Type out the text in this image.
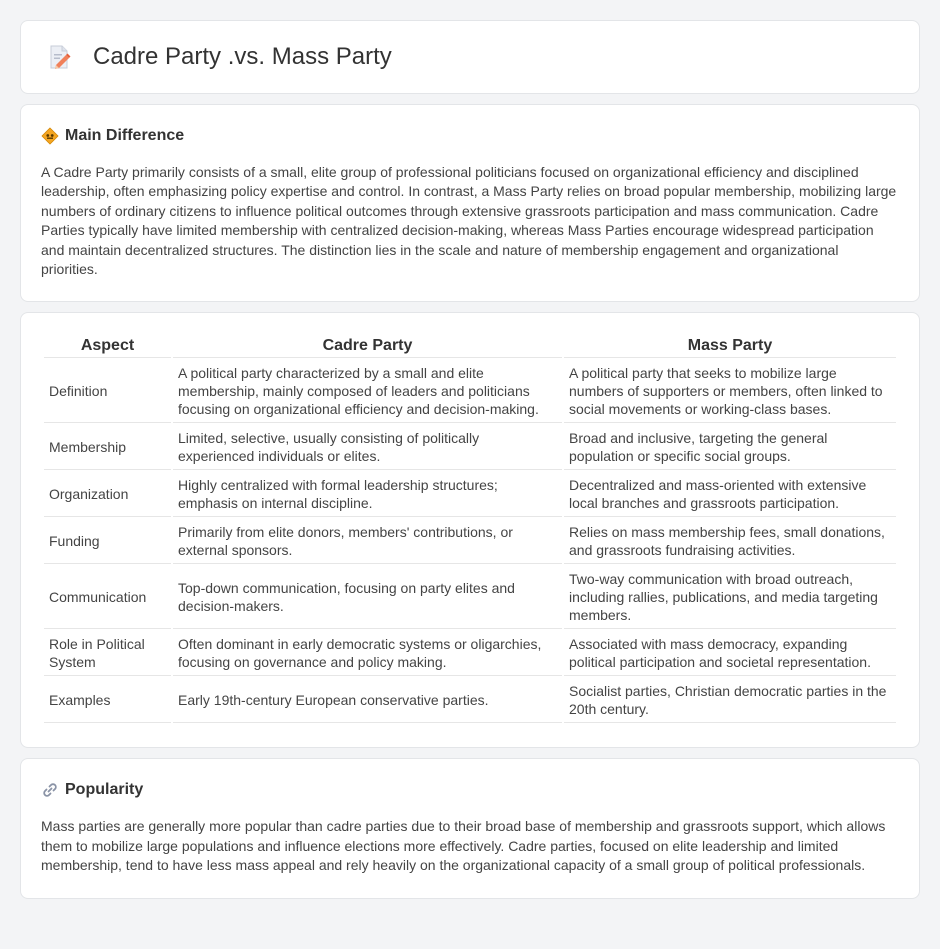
Cadre Party .vs. Mass Party
Main Difference

A Cadre Party primarily consists of a small, elite group of professional politicians focused on organizational efficiency and disciplined leadership, often emphasizing policy expertise and control. In contrast, a Mass Party relies on broad popular membership, mobilizing large numbers of ordinary citizens to influence political outcomes through extensive grassroots participation and mass communication. Cadre Parties typically have limited membership with centralized decision-making, whereas Mass Parties encourage widespread participation and maintain decentralized structures. The distinction lies in the scale and nature of membership engagement and organizational priorities.

Aspect	Cadre Party	Mass Party
Definition	A political party characterized by a small and elite membership, mainly composed of leaders and politicians focusing on organizational efficiency and decision-making.	A political party that seeks to mobilize large numbers of supporters or members, often linked to social movements or working-class bases.
Membership	Limited, selective, usually consisting of politically experienced individuals or elites.	Broad and inclusive, targeting the general population or specific social groups.
Organization	Highly centralized with formal leadership structures; emphasis on internal discipline.	Decentralized and mass-oriented with extensive local branches and grassroots participation.
Funding	Primarily from elite donors, members' contributions, or external sponsors.	Relies on mass membership fees, small donations, and grassroots fundraising activities.
Communication	Top-down communication, focusing on party elites and decision-makers.	Two-way communication with broad outreach, including rallies, publications, and media targeting members.
Role in Political System	Often dominant in early democratic systems or oligarchies, focusing on governance and policy making.	Associated with mass democracy, expanding political participation and societal representation.
Examples	Early 19th-century European conservative parties.	Socialist parties, Christian democratic parties in the 20th century.
Popularity

Mass parties are generally more popular than cadre parties due to their broad base of membership and grassroots support, which allows them to mobilize large populations and influence elections more effectively. Cadre parties, focused on elite leadership and limited membership, tend to have less mass appeal and rely heavily on the organizational capacity of a small group of political professionals.
